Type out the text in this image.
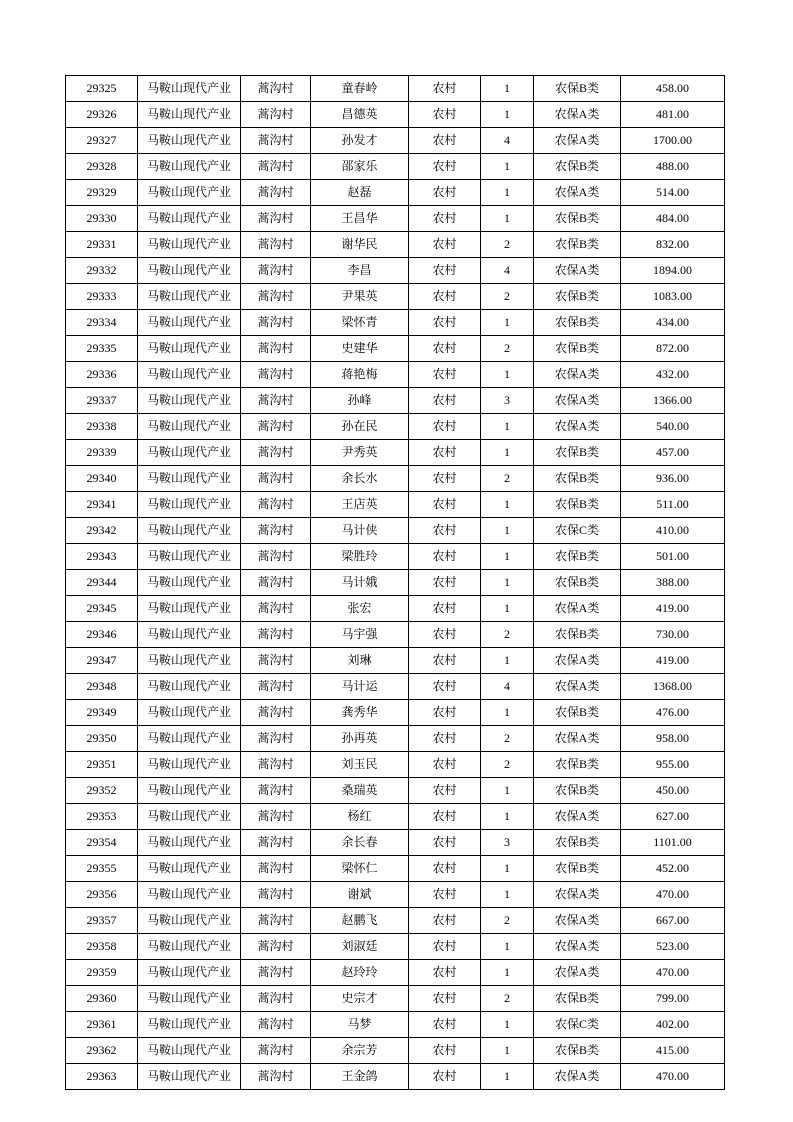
29325	马鞍山现代产业	蒿沟村	童春岭	农村	1	农保B类	458.00
29326	马鞍山现代产业	蒿沟村	昌德英	农村	1	农保A类	481.00
29327	马鞍山现代产业	蒿沟村	孙发才	农村	4	农保A类	1700.00
29328	马鞍山现代产业	蒿沟村	邵家乐	农村	1	农保B类	488.00
29329	马鞍山现代产业	蒿沟村	赵磊	农村	1	农保A类	514.00
29330	马鞍山现代产业	蒿沟村	王昌华	农村	1	农保B类	484.00
29331	马鞍山现代产业	蒿沟村	谢华民	农村	2	农保B类	832.00
29332	马鞍山现代产业	蒿沟村	李昌	农村	4	农保A类	1894.00
29333	马鞍山现代产业	蒿沟村	尹果英	农村	2	农保B类	1083.00
29334	马鞍山现代产业	蒿沟村	梁怀青	农村	1	农保B类	434.00
29335	马鞍山现代产业	蒿沟村	史建华	农村	2	农保B类	872.00
29336	马鞍山现代产业	蒿沟村	蒋艳梅	农村	1	农保A类	432.00
29337	马鞍山现代产业	蒿沟村	孙峰	农村	3	农保A类	1366.00
29338	马鞍山现代产业	蒿沟村	孙在民	农村	1	农保A类	540.00
29339	马鞍山现代产业	蒿沟村	尹秀英	农村	1	农保B类	457.00
29340	马鞍山现代产业	蒿沟村	余长水	农村	2	农保B类	936.00
29341	马鞍山现代产业	蒿沟村	王店英	农村	1	农保B类	511.00
29342	马鞍山现代产业	蒿沟村	马计侠	农村	1	农保C类	410.00
29343	马鞍山现代产业	蒿沟村	梁胜玲	农村	1	农保B类	501.00
29344	马鞍山现代产业	蒿沟村	马计娥	农村	1	农保B类	388.00
29345	马鞍山现代产业	蒿沟村	张宏	农村	1	农保A类	419.00
29346	马鞍山现代产业	蒿沟村	马宇强	农村	2	农保B类	730.00
29347	马鞍山现代产业	蒿沟村	刘琳	农村	1	农保A类	419.00
29348	马鞍山现代产业	蒿沟村	马计运	农村	4	农保A类	1368.00
29349	马鞍山现代产业	蒿沟村	龚秀华	农村	1	农保B类	476.00
29350	马鞍山现代产业	蒿沟村	孙再英	农村	2	农保A类	958.00
29351	马鞍山现代产业	蒿沟村	刘玉民	农村	2	农保B类	955.00
29352	马鞍山现代产业	蒿沟村	桑瑞英	农村	1	农保B类	450.00
29353	马鞍山现代产业	蒿沟村	杨红	农村	1	农保A类	627.00
29354	马鞍山现代产业	蒿沟村	余长春	农村	3	农保B类	1101.00
29355	马鞍山现代产业	蒿沟村	梁怀仁	农村	1	农保B类	452.00
29356	马鞍山现代产业	蒿沟村	谢斌	农村	1	农保A类	470.00
29357	马鞍山现代产业	蒿沟村	赵鹏飞	农村	2	农保A类	667.00
29358	马鞍山现代产业	蒿沟村	刘淑廷	农村	1	农保A类	523.00
29359	马鞍山现代产业	蒿沟村	赵玲玲	农村	1	农保A类	470.00
29360	马鞍山现代产业	蒿沟村	史宗才	农村	2	农保B类	799.00
29361	马鞍山现代产业	蒿沟村	马梦	农村	1	农保C类	402.00
29362	马鞍山现代产业	蒿沟村	余宗芳	农村	1	农保B类	415.00
29363	马鞍山现代产业	蒿沟村	王金鸽	农村	1	农保A类	470.00
